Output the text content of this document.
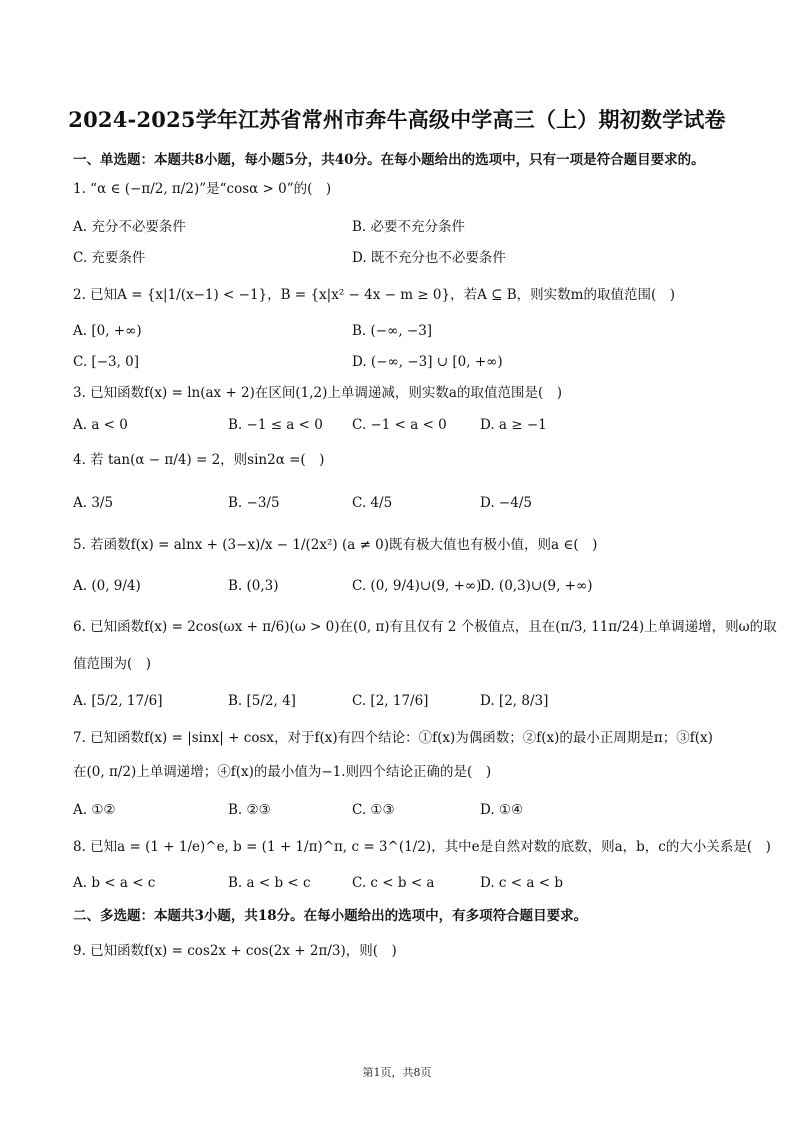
2024-2025学年江苏省常州市奔牛高级中学高三（上）期初数学试卷
一、单选题：本题共8小题，每小题5分，共40分。在每小题给出的选项中，只有一项是符合题目要求的。
1. “α ∈ (−π/2, π/2)”是“cosα > 0”的(　)
A. 充分不必要条件	B. 必要不充分条件
C. 充要条件	D. 既不充分也不必要条件
2. 已知A = {x|1/(x−1) < −1}，B = {x|x² − 4x − m ≥ 0}，若A ⊆ B，则实数m的取值范围(　)
A. [0, +∞)	B. (−∞, −3]
C. [−3, 0]	D. (−∞, −3] ∪ [0, +∞)
3. 已知函数f(x) = ln(ax + 2)在区间(1,2)上单调递减，则实数a的取值范围是(　)
A. a < 0	B. −1 ≤ a < 0 C. −1 < a < 0 D. a ≥ −1
4. 若 tan(α − π/4) = 2，则sin2α =(　)
A. 3/5	B. −3/5	C. 4/5	D. −4/5
5. 若函数f(x) = alnx + (3−x)/x − 1/(2x²) (a ≠ 0)既有极大值也有极小值，则a ∈(　)
A. (0, 9/4)	B. (0,3)	C. (0, 9/4)∪(9, +∞)
D. (0,3)∪(9, +∞)
6. 已知函数f(x) = 2cos(ωx + π/6)(ω > 0)在(0, π)有且仅有 2 个极值点，且在(π/3, 11π/24)上单调递增，则ω的取
值范围为(　)
A. [5/2, 17/6]	B. [5/2, 4]	C. [2, 17/6]	D. [2, 8/3]
7. 已知函数f(x) = |sinx| + cosx，对于f(x)有四个结论：①f(x)为偶函数；②f(x)的最小正周期是π；③f(x)
在(0, π/2)上单调递增；④f(x)的最小值为−1.则四个结论正确的是(　)
A. ①②	B. ②③	C. ①③	D. ①④
8. 已知a = (1 + 1/e)^e, b = (1 + 1/π)^π, c = 3^(1/2)，其中e是自然对数的底数，则a，b，c的大小关系是(　)
A. b < a < c	B. a < b < c	C. c < b < a	D. c < a < b
二、多选题：本题共3小题，共18分。在每小题给出的选项中，有多项符合题目要求。
9. 已知函数f(x) = cos2x + cos(2x + 2π/3)，则(　)
第1页，共8页
